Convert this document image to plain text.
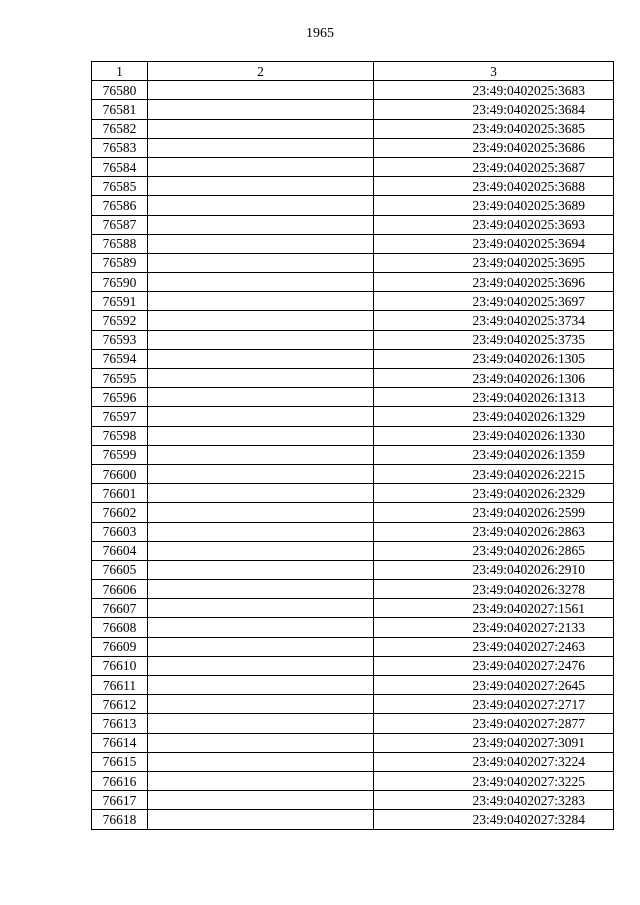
1965
1	2	3
76580		23:49:0402025:3683
76581		23:49:0402025:3684
76582		23:49:0402025:3685
76583		23:49:0402025:3686
76584		23:49:0402025:3687
76585		23:49:0402025:3688
76586		23:49:0402025:3689
76587		23:49:0402025:3693
76588		23:49:0402025:3694
76589		23:49:0402025:3695
76590		23:49:0402025:3696
76591		23:49:0402025:3697
76592		23:49:0402025:3734
76593		23:49:0402025:3735
76594		23:49:0402026:1305
76595		23:49:0402026:1306
76596		23:49:0402026:1313
76597		23:49:0402026:1329
76598		23:49:0402026:1330
76599		23:49:0402026:1359
76600		23:49:0402026:2215
76601		23:49:0402026:2329
76602		23:49:0402026:2599
76603		23:49:0402026:2863
76604		23:49:0402026:2865
76605		23:49:0402026:2910
76606		23:49:0402026:3278
76607		23:49:0402027:1561
76608		23:49:0402027:2133
76609		23:49:0402027:2463
76610		23:49:0402027:2476
76611		23:49:0402027:2645
76612		23:49:0402027:2717
76613		23:49:0402027:2877
76614		23:49:0402027:3091
76615		23:49:0402027:3224
76616		23:49:0402027:3225
76617		23:49:0402027:3283
76618		23:49:0402027:3284
